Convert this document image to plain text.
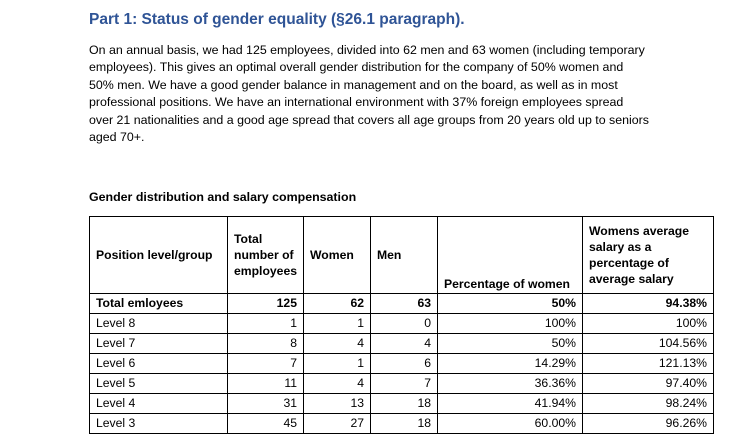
Part 1: Status of gender equality (§26.1 paragraph).

On an annual basis, we had 125 employees, divided into 62 men and 63 women (including temporary
employees). This gives an optimal overall gender distribution for the company of 50% women and
50% men. We have a good gender balance in management and on the board, as well as in most
professional positions. We have an international environment with 37% foreign employees spread
over 21 nationalities and a good age spread that covers all age groups from 20 years old up to seniors
aged 70+.

Gender distribution and salary compensation
Position level/group	Total number of employees	Women	Men	Percentage of women	Womens average salary as a percentage of average salary
Total emloyees	125	62	63	50%	94.38%
Level 8	1	1	0	100%	100%
Level 7	8	4	4	50%	104.56%
Level 6	7	1	6	14.29%	121.13%
Level 5	11	4	7	36.36%	97.40%
Level 4	31	13	18	41.94%	98.24%
Level 3	45	27	18	60.00%	96.26%
